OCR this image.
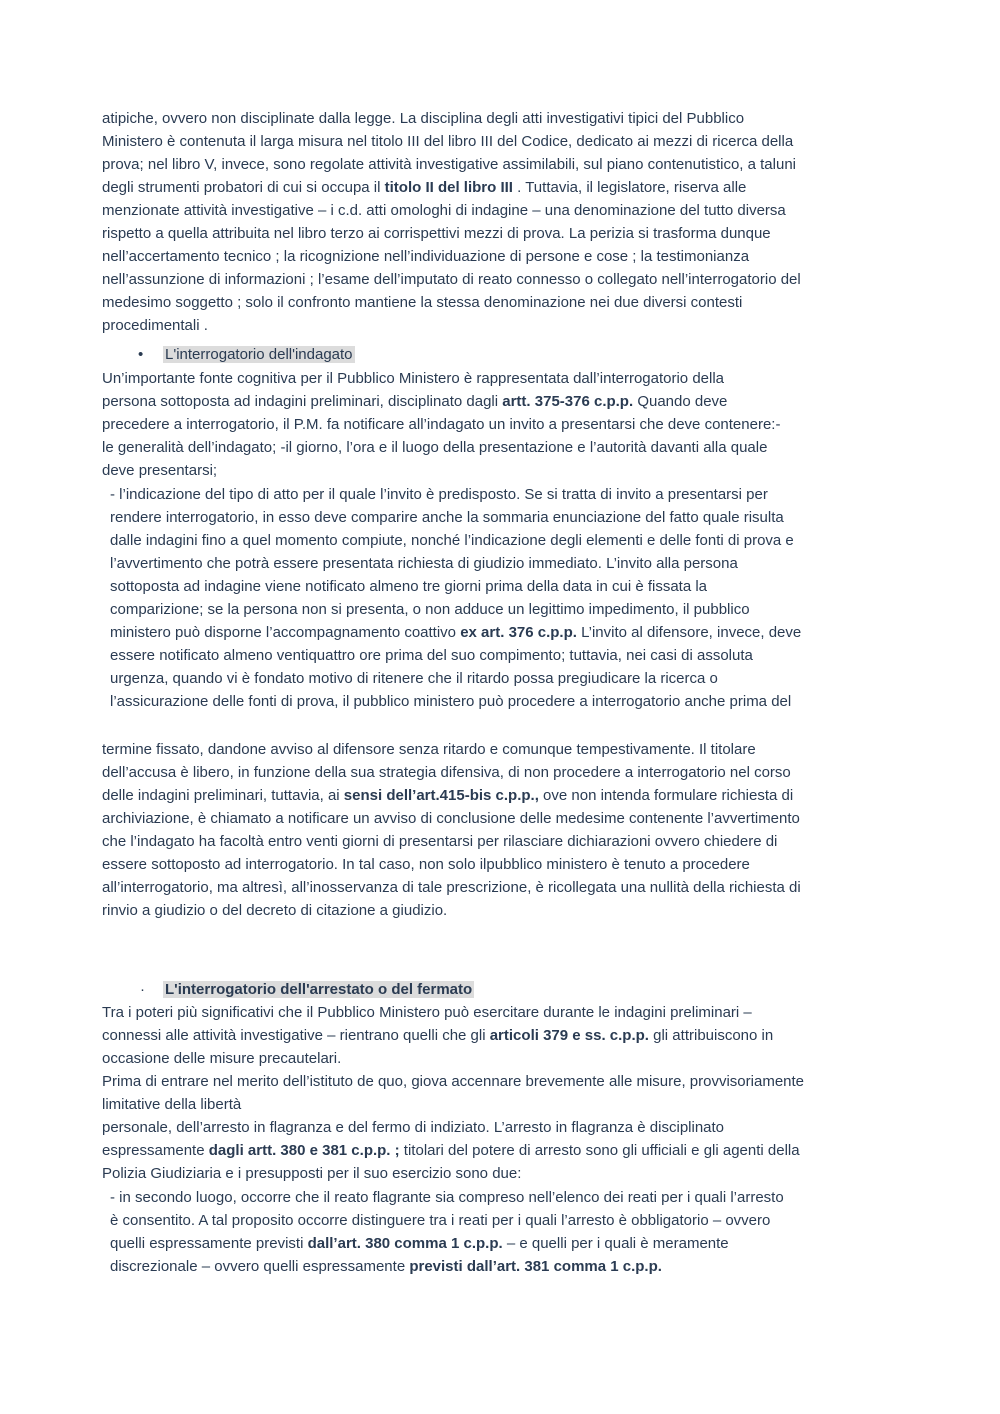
atipiche, ovvero non disciplinate dalla legge. La disciplina degli atti investigativi tipici del Pubblico
Ministero è contenuta il larga misura nel titolo III del libro III del Codice, dedicato ai mezzi di ricerca della
prova; nel libro V, invece, sono regolate attività investigative assimilabili, sul piano contenutistico, a taluni
degli strumenti probatori di cui si occupa il titolo II del libro III . Tuttavia, il legislatore, riserva alle
menzionate attività investigative – i c.d. atti omologhi di indagine – una denominazione del tutto diversa
rispetto a quella attribuita nel libro terzo ai corrispettivi mezzi di prova. La perizia si trasforma dunque
nell’accertamento tecnico ; la ricognizione nell’individuazione di persone e cose ; la testimonianza
nell’assunzione di informazioni ; l’esame dell’imputato di reato connesso o collegato nell’interrogatorio del
medesimo soggetto ; solo il confronto mantiene la stessa denominazione nei due diversi contesti
procedimentali .
• L'interrogatorio dell'indagato
Un’importante fonte cognitiva per il Pubblico Ministero è rappresentata dall’interrogatorio della
persona sottoposta ad indagini preliminari, disciplinato dagli artt. 375-376 c.p.p. Quando deve
precedere a interrogatorio, il P.M. fa notificare all’indagato un invito a presentarsi che deve contenere:-
le generalità dell’indagato; -il giorno, l’ora e il luogo della presentazione e l’autorità davanti alla quale
deve presentarsi;
- l’indicazione del tipo di atto per il quale l’invito è predisposto. Se si tratta di invito a presentarsi per
rendere interrogatorio, in esso deve comparire anche la sommaria enunciazione del fatto quale risulta
dalle indagini fino a quel momento compiute, nonché l’indicazione degli elementi e delle fonti di prova e
l’avvertimento che potrà essere presentata richiesta di giudizio immediato. L’invito alla persona
sottoposta ad indagine viene notificato almeno tre giorni prima della data in cui è fissata la
comparizione; se la persona non si presenta, o non adduce un legittimo impedimento, il pubblico
ministero può disporne l’accompagnamento coattivo ex art. 376 c.p.p. L’invito al difensore, invece, deve
essere notificato almeno ventiquattro ore prima del suo compimento; tuttavia, nei casi di assoluta
urgenza, quando vi è fondato motivo di ritenere che il ritardo possa pregiudicare la ricerca o
l’assicurazione delle fonti di prova, il pubblico ministero può procedere a interrogatorio anche prima del
termine fissato, dandone avviso al difensore senza ritardo e comunque tempestivamente. Il titolare
dell’accusa è libero, in funzione della sua strategia difensiva, di non procedere a interrogatorio nel corso
delle indagini preliminari, tuttavia, ai sensi dell’art.415-bis c.p.p., ove non intenda formulare richiesta di
archiviazione, è chiamato a notificare un avviso di conclusione delle medesime contenente l’avvertimento
che l’indagato ha facoltà entro venti giorni di presentarsi per rilasciare dichiarazioni ovvero chiedere di
essere sottoposto ad interrogatorio. In tal caso, non solo ilpubblico ministero è tenuto a procedere
all’interrogatorio, ma altresì, all’inosservanza di tale prescrizione, è ricollegata una nullità della richiesta di
rinvio a giudizio o del decreto di citazione a giudizio.
· L'interrogatorio dell'arrestato o del fermato
Tra i poteri più significativi che il Pubblico Ministero può esercitare durante le indagini preliminari –
connessi alle attività investigative – rientrano quelli che gli articoli 379 e ss. c.p.p. gli attribuiscono in
occasione delle misure precautelari.
Prima di entrare nel merito dell’istituto de quo, giova accennare brevemente alle misure, provvisoriamente
limitative della libertà
personale, dell’arresto in flagranza e del fermo di indiziato. L’arresto in flagranza è disciplinato
espressamente dagli artt. 380 e 381 c.p.p. ; titolari del potere di arresto sono gli ufficiali e gli agenti della
Polizia Giudiziaria e i presupposti per il suo esercizio sono due:
- in secondo luogo, occorre che il reato flagrante sia compreso nell’elenco dei reati per i quali l’arresto
è consentito. A tal proposito occorre distinguere tra i reati per i quali l’arresto è obbligatorio – ovvero
quelli espressamente previsti dall’art. 380 comma 1 c.p.p. – e quelli per i quali è meramente
discrezionale – ovvero quelli espressamente previsti dall’art. 381 comma 1 c.p.p.
